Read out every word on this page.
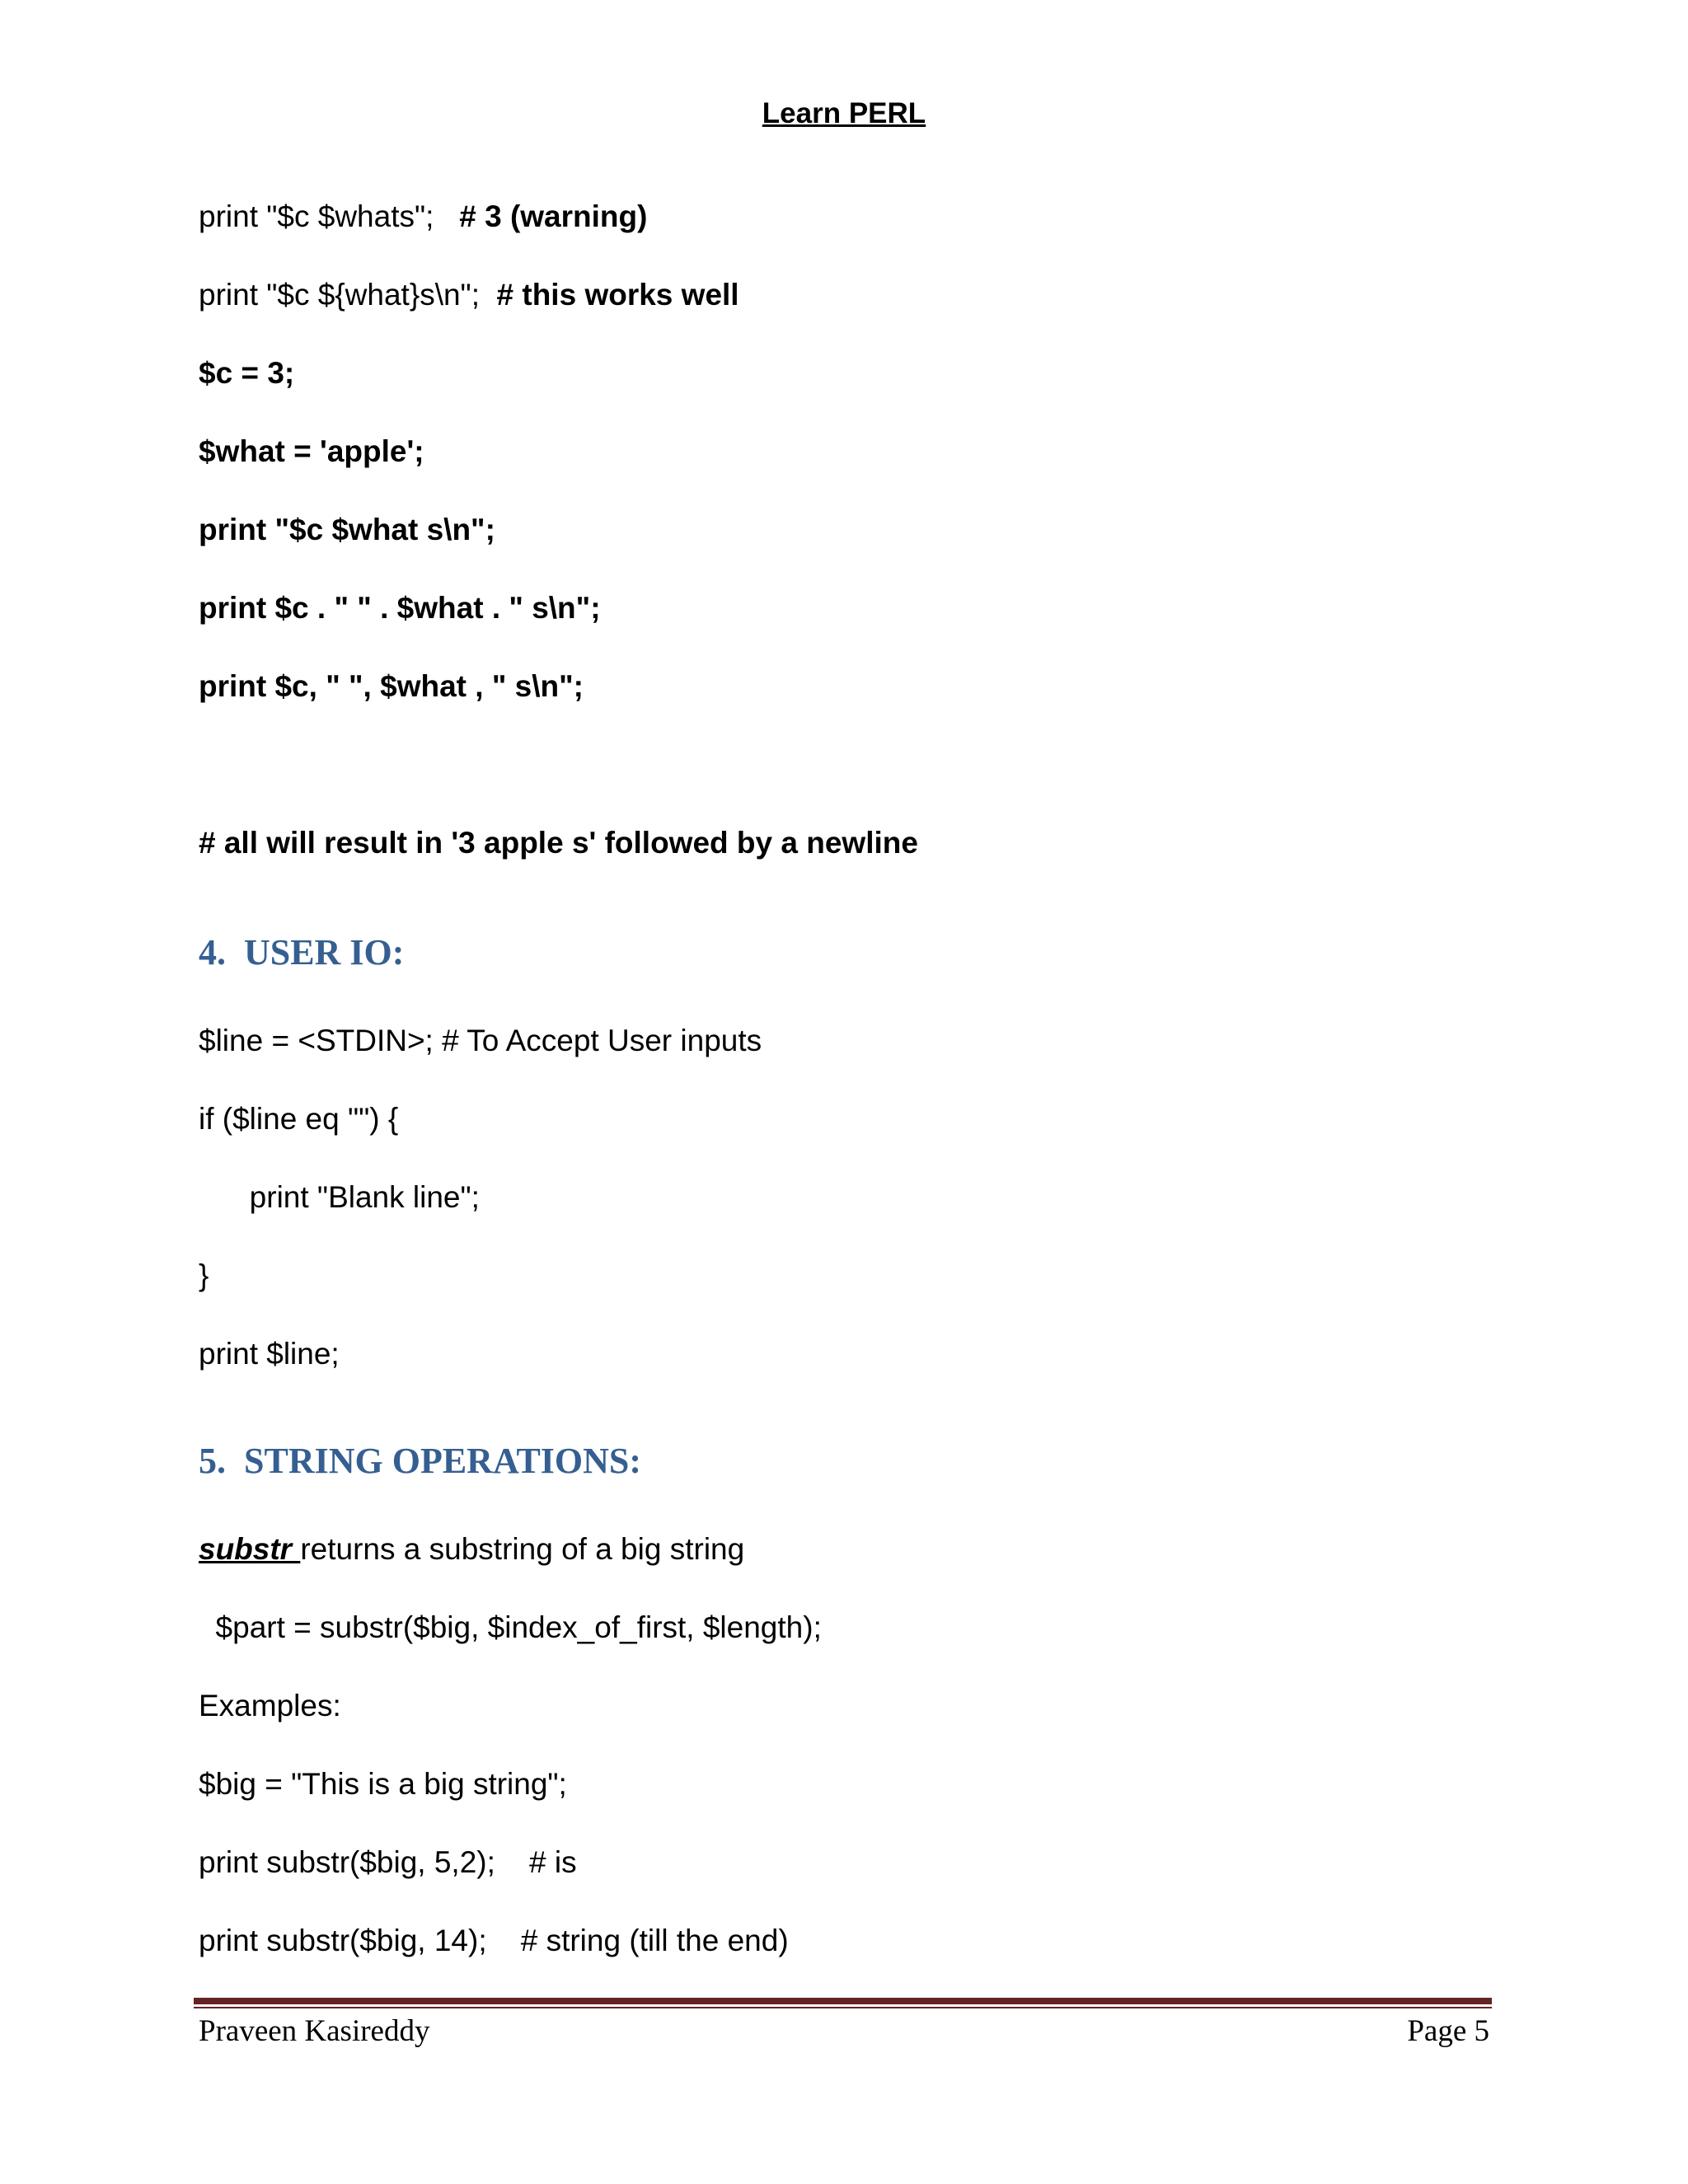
Learn PERL
print "$c $whats";   # 3 (warning)
print "$c ${what}s\n";  # this works well
$c = 3;
$what = 'apple';
print "$c $what s\n";
print $c . " " . $what . " s\n";
print $c, " ", $what , " s\n";
# all will result in '3 apple s' followed by a newline
4.  USER IO:
$line = <STDIN>; # To Accept User inputs
if ($line eq "") {
print "Blank line";
}
print $line;
5.  STRING OPERATIONS:
substr returns a substring of a big string
$part = substr($big, $index_of_first, $length);
Examples:
$big = "This is a big string";
print substr($big, 5,2);    # is
print substr($big, 14);    # string (till the end)
Praveen Kasireddy	Page 5
